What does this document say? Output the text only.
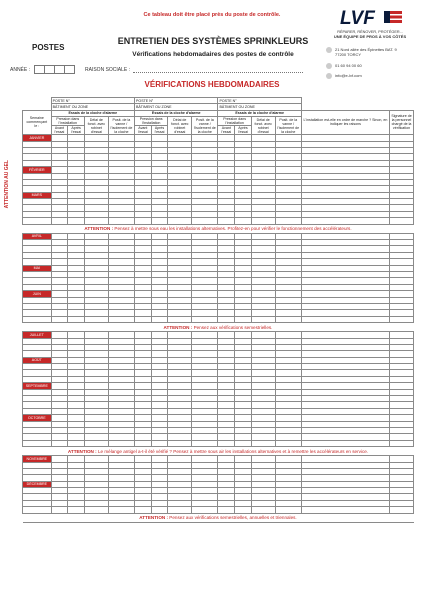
Ce tableau doit être placé près du poste de contrôle.
POSTES
ENTRETIEN DES SYSTÈMES SPRINKLEURS
Vérifications hebdomadaires des postes de contrôle
ANNÉE :	RAISON SOCIALE :
VÉRIFICATIONS HEBDOMADAIRES
LVF
RÉPARER, RÉNOVER, PROTÉGER...
UNE ÉQUIPE DE PROS À VOS CÔTÉS
21 Nord allée des Épinettes BAT. 9
77200 TORCY
01 60 94 00 60
info@e-lvf.com
ATTENTION AU GEL
	POSTE N°				POSTE N°				POSTE N°					
	BÂTIMENT OU ZONE				BÂTIMENT OU ZONE				BÂTIMENT OU ZONE					
Semaine commençant
le :	Essais de la cloche d'alarme				Essais de la cloche d'alarme				Essais de la cloche d'alarme				L'installation est-elle en ordre de marche ? Sinon, en indiquer les raisons	Signature de la personnel chargé de la vérification
	Pression dans l'installation		Délai de fonct. avec robinet d'essai	Posit. de la vanne / l'isolement de la cloche	Pression dans l'installation		Délai de fonct. avec robinet d'essai	Posit. de la vanne / l'isolement de la cloche	Pression dans l'installation		Délai de fonct. avec robinet d'essai	Posit. de la vanne / l'isolement de la cloche		
	Avant l'essai	Après l'essai			Avant l'essai	Après l'essai			Avant l'essai	Après l'essai				
JANVIER														

FÉVRIER														

MARS														

ATTENTION : Pensez à mettre sous eau les installations alternatives. Profitez-en pour vérifier le fonctionnement des accélérateurs.														
AVRIL														

MAI														

JUIN														

ATTENTION : Pensez aux vérifications semestrielles.														
JUILLET														

AOÛT														

SEPTEMBRE														

OCTOBRE														

ATTENTION : Le mélange antigel a-t-il été vérifié ? Pensez à mettre sous air les installations alternatives et à remettre les accélérateurs en service.														
NOVEMBRE														

DÉCEMBRE														

ATTENTION : Pensez aux vérifications semestrielles, annuelles et triennales.														
